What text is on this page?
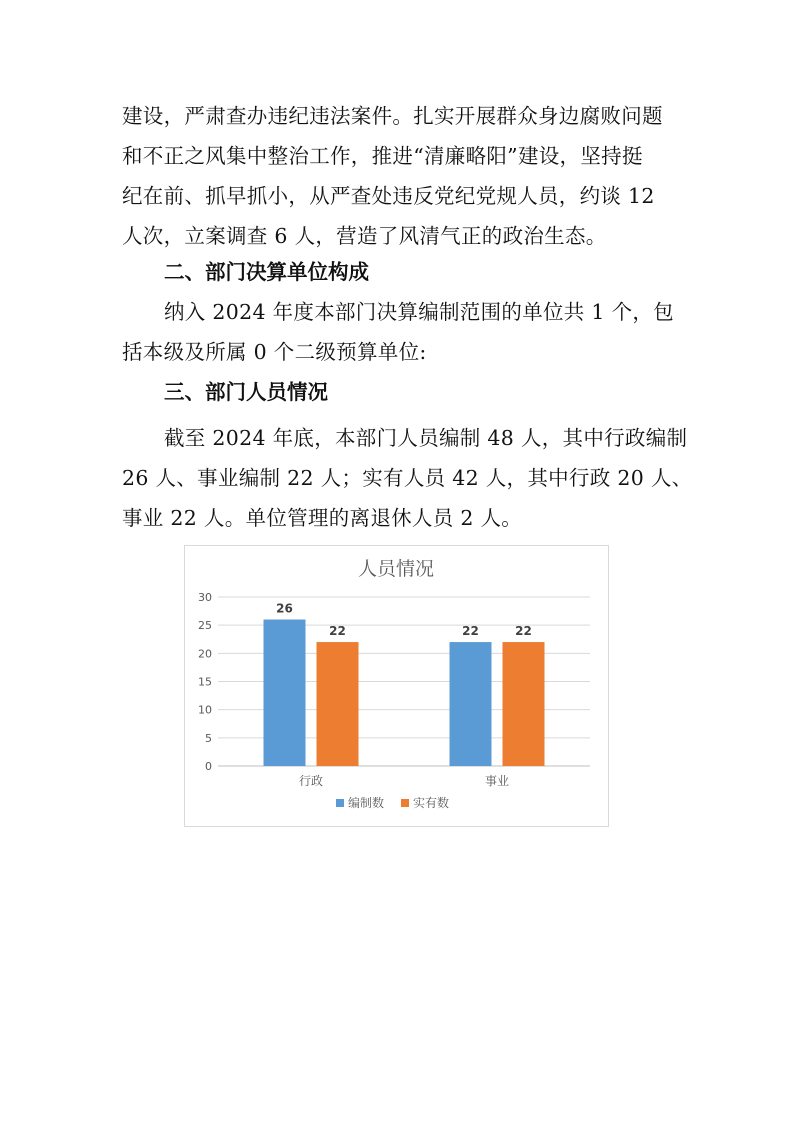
建设，严肃查办违纪违法案件。扎实开展群众身边腐败问题
和不正之风集中整治工作，推进“清廉略阳”建设，坚持挺
纪在前、抓早抓小，从严查处违反党纪党规人员，约谈 12
人次，立案调查 6 人，营造了风清气正的政治生态。
二、部门决算单位构成
纳入 2024 年度本部门决算编制范围的单位共 1 个，包
括本级及所属 0 个二级预算单位:
三、部门人员情况
截至 2024 年底，本部门人员编制 48 人，其中行政编制
26 人、事业编制 22 人；实有人员 42 人，其中行政 20 人、
事业 22 人。单位管理的离退休人员 2 人。
人员情况
0
5
10
15
20
25
30
26
22	22	22
行政	事业
编制数 实有数
